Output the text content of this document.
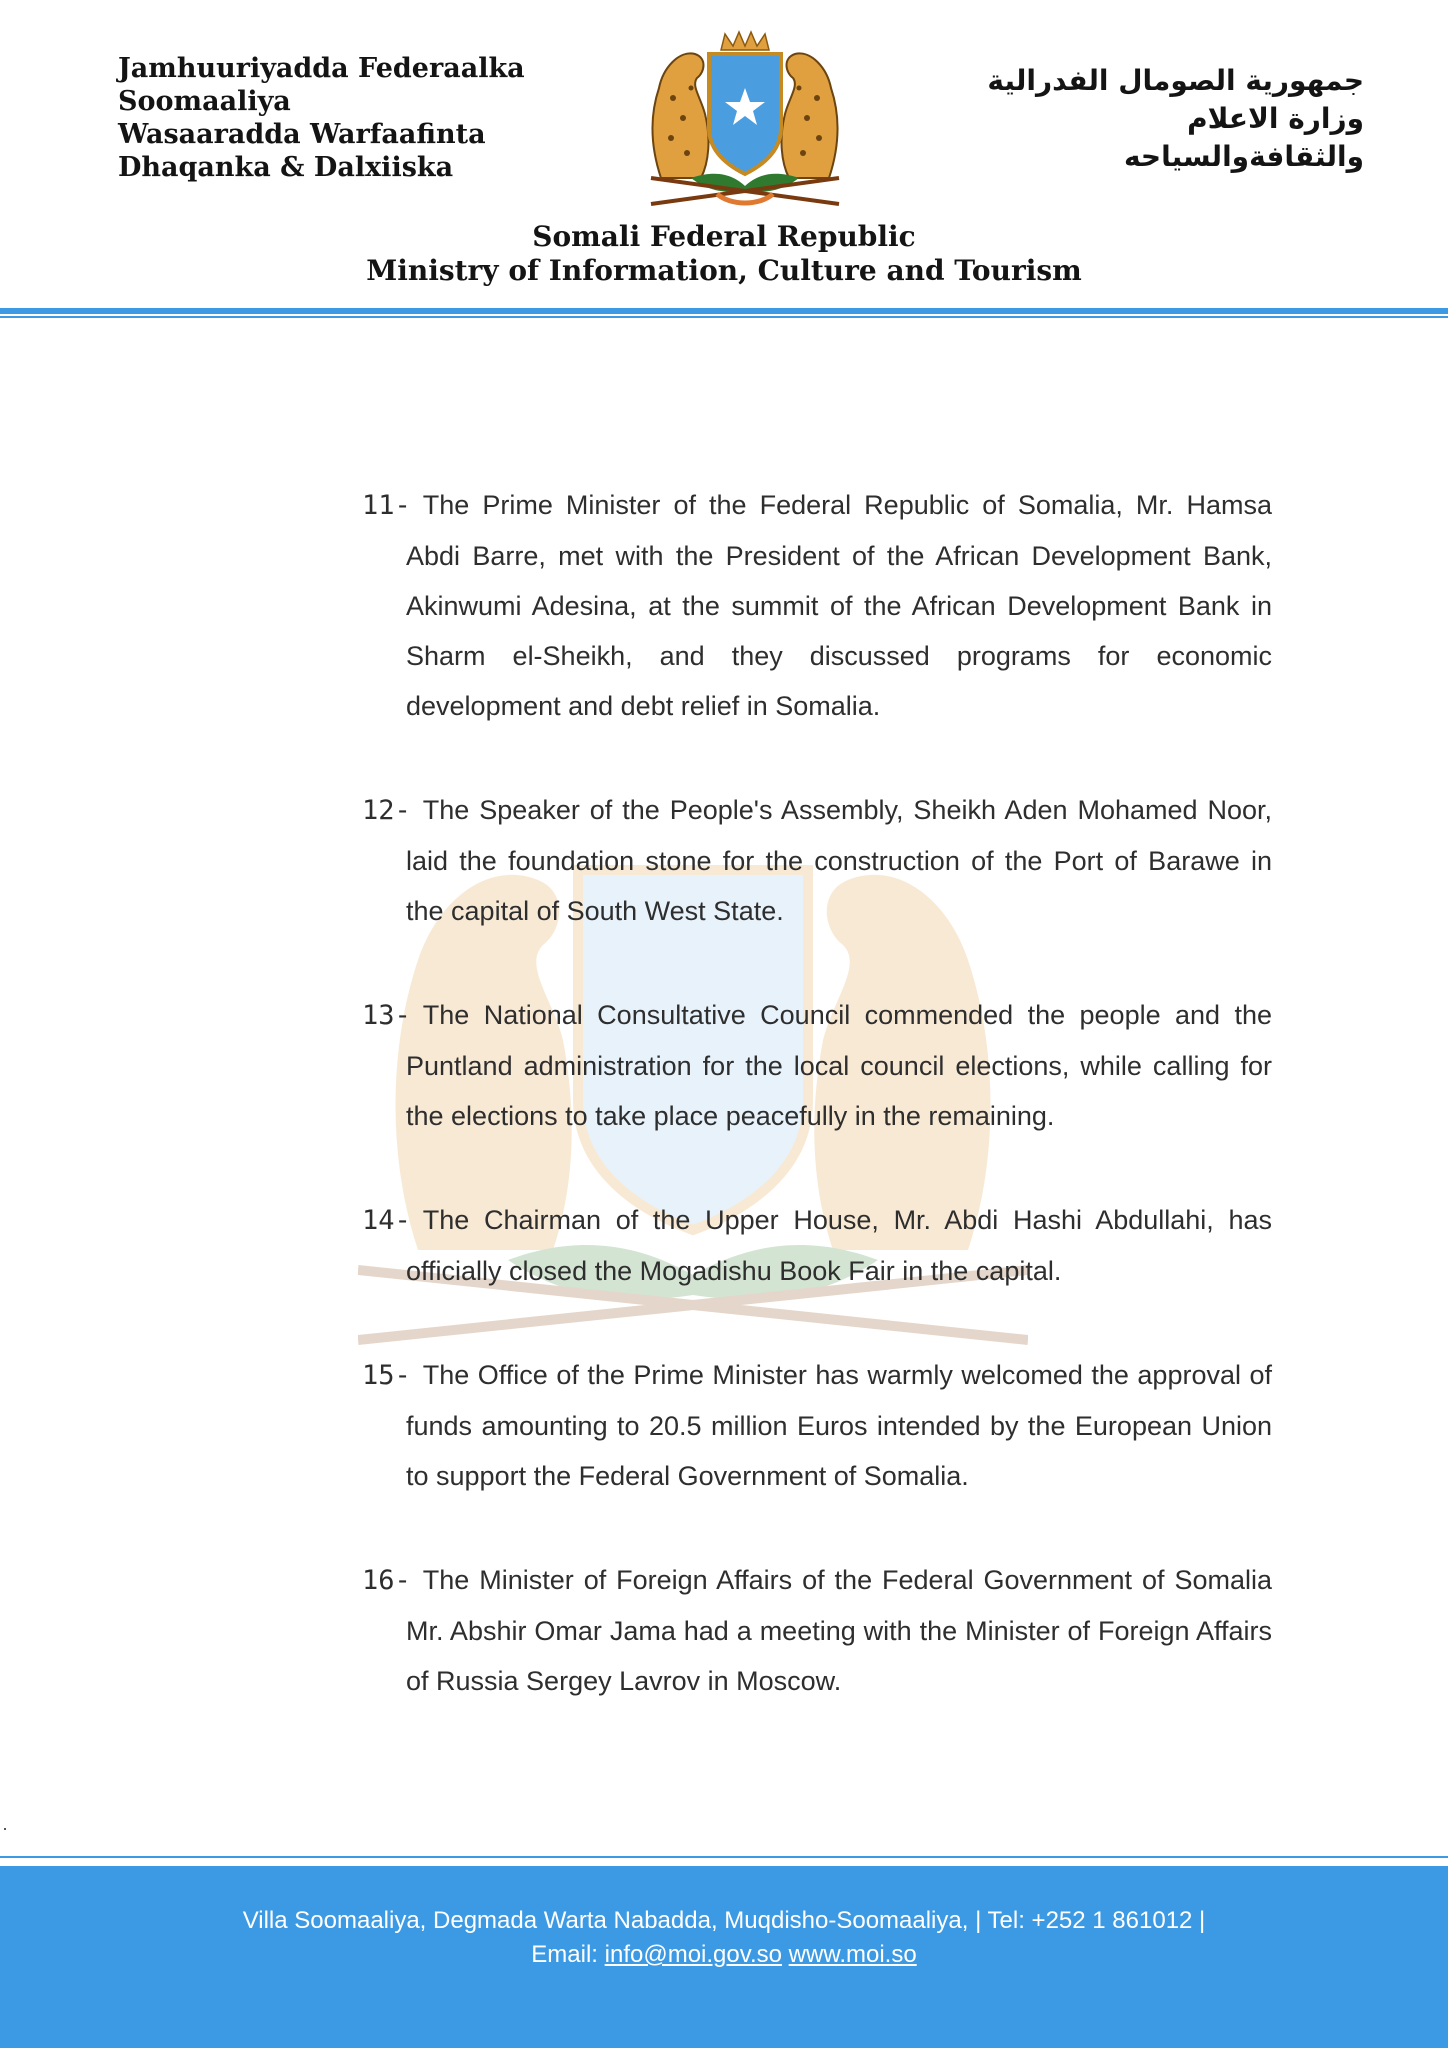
Jamhuuriyadda Federaalka
Soomaaliya
Wasaaradda Warfaafinta
Dhaqanka & Dalxiiska
جمهورية الصومال الفدرالية
وزارة الاعلام
والثقافةوالسياحه
Somali Federal Republic
Ministry of Information, Culture and Tourism

11- The Prime Minister of the Federal Republic of Somalia, Mr. Hamsa Abdi Barre, met with the President of the African Development Bank, Akinwumi Adesina, at the summit of the African Development Bank in Sharm el-Sheikh, and they discussed programs for economic development and debt relief in Somalia.

12- The Speaker of the People's Assembly, Sheikh Aden Mohamed Noor, laid the foundation stone for the construction of the Port of Barawe in the capital of South West State.

13- The National Consultative Council commended the people and the Puntland administration for the local council elections, while calling for the elections to take place peacefully in the remaining.

14- The Chairman of the Upper House, Mr. Abdi Hashi Abdullahi, has officially closed the Mogadishu Book Fair in the capital.

15- The Office of the Prime Minister has warmly welcomed the approval of funds amounting to 20.5 million Euros intended by the European Union to support the Federal Government of Somalia.

16- The Minister of Foreign Affairs of the Federal Government of Somalia Mr. Abshir Omar Jama had a meeting with the Minister of Foreign Affairs of Russia Sergey Lavrov in Moscow.

Villa Soomaaliya, Degmada Warta Nabadda, Muqdisho-Soomaaliya, | Tel: +252 1 861012 |
Email: info@moi.gov.so www.moi.so
